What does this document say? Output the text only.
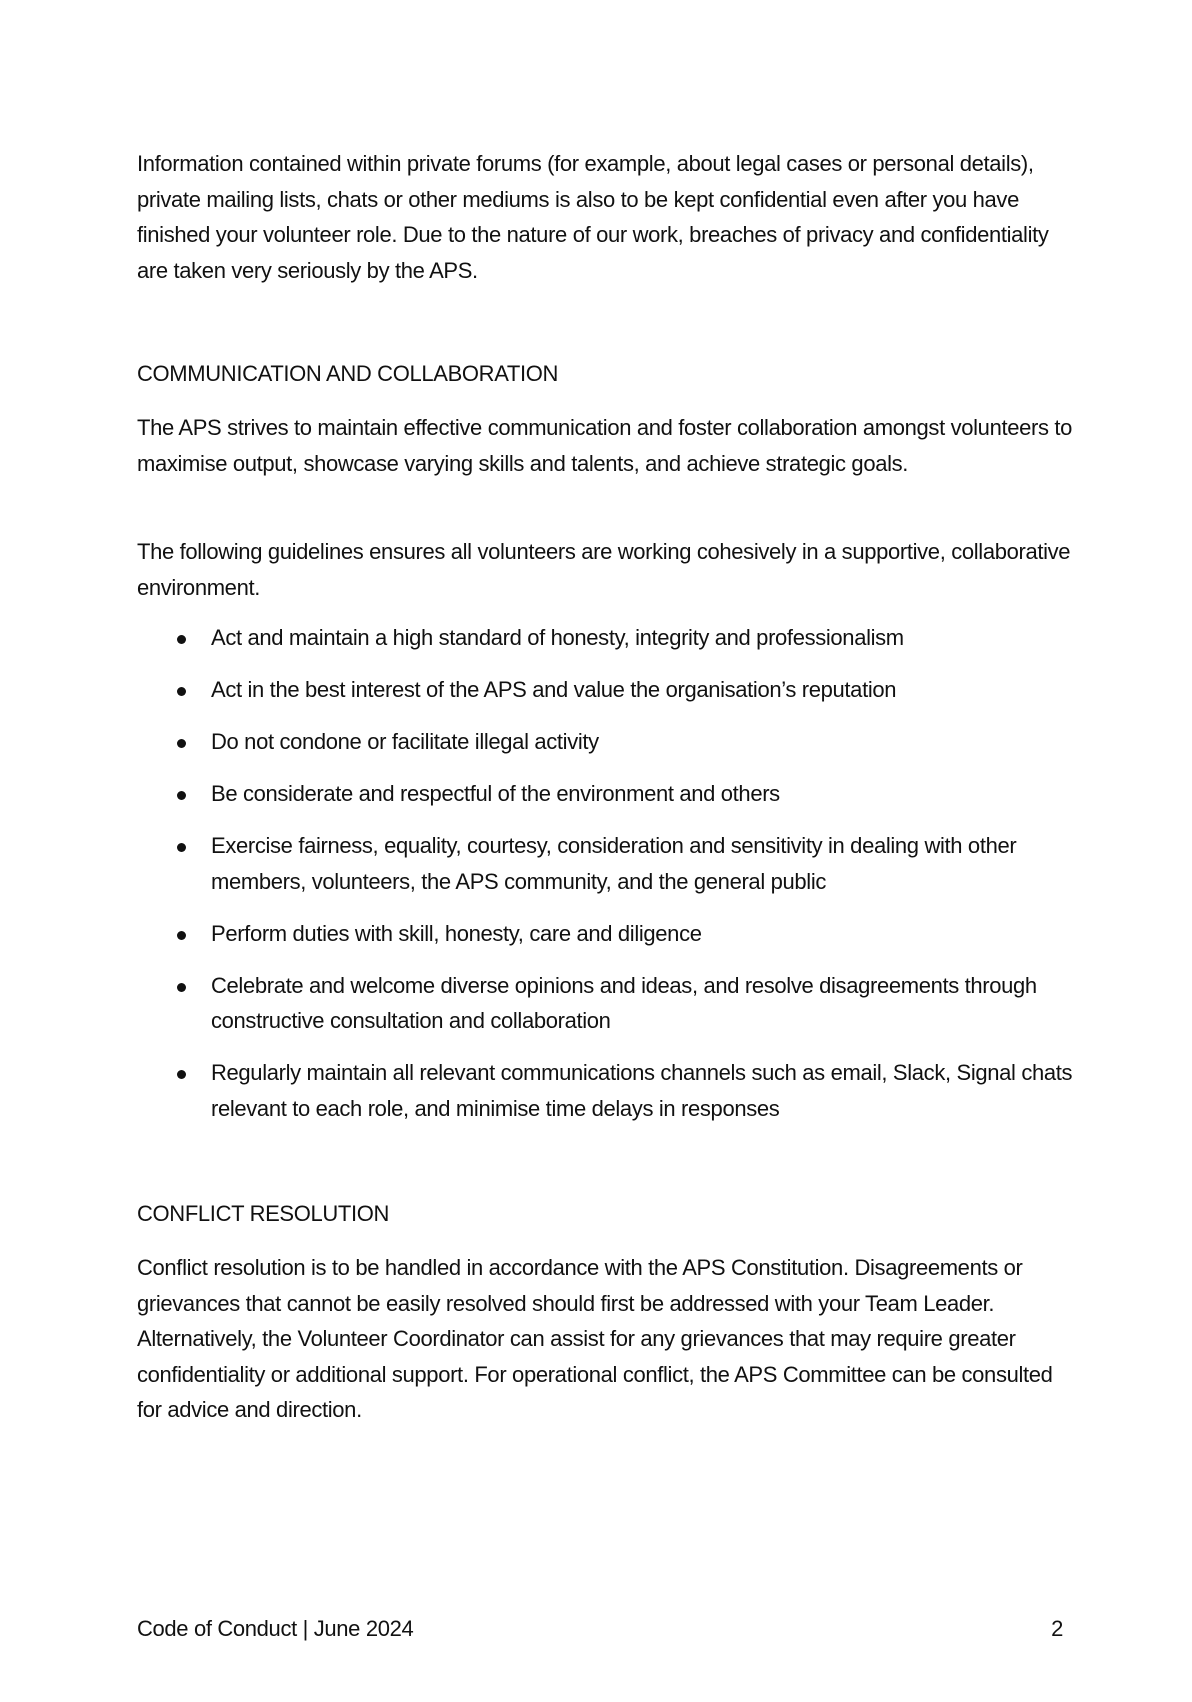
Information contained within private forums (for example, about legal cases or personal details), private mailing lists, chats or other mediums is also to be kept confidential even after you have finished your volunteer role. Due to the nature of our work, breaches of privacy and confidentiality are taken very seriously by the APS.

COMMUNICATION AND COLLABORATION

The APS strives to maintain effective communication and foster collaboration amongst volunteers to maximise output, showcase varying skills and talents, and achieve strategic goals.

The following guidelines ensures all volunteers are working cohesively in a supportive, collaborative environment.

Act and maintain a high standard of honesty, integrity and professionalism
Act in the best interest of the APS and value the organisation’s reputation
Do not condone or facilitate illegal activity
Be considerate and respectful of the environment and others
Exercise fairness, equality, courtesy, consideration and sensitivity in dealing with other members, volunteers, the APS community, and the general public
Perform duties with skill, honesty, care and diligence
Celebrate and welcome diverse opinions and ideas, and resolve disagreements through constructive consultation and collaboration
Regularly maintain all relevant communications channels such as email, Slack, Signal chats relevant to each role, and minimise time delays in responses
CONFLICT RESOLUTION

Conflict resolution is to be handled in accordance with the APS Constitution. Disagreements or grievances that cannot be easily resolved should first be addressed with your Team Leader. Alternatively, the Volunteer Coordinator can assist for any grievances that may require greater confidentiality or additional support. For operational conflict, the APS Committee can be consulted for advice and direction.

Code of Conduct | June 2024	2
